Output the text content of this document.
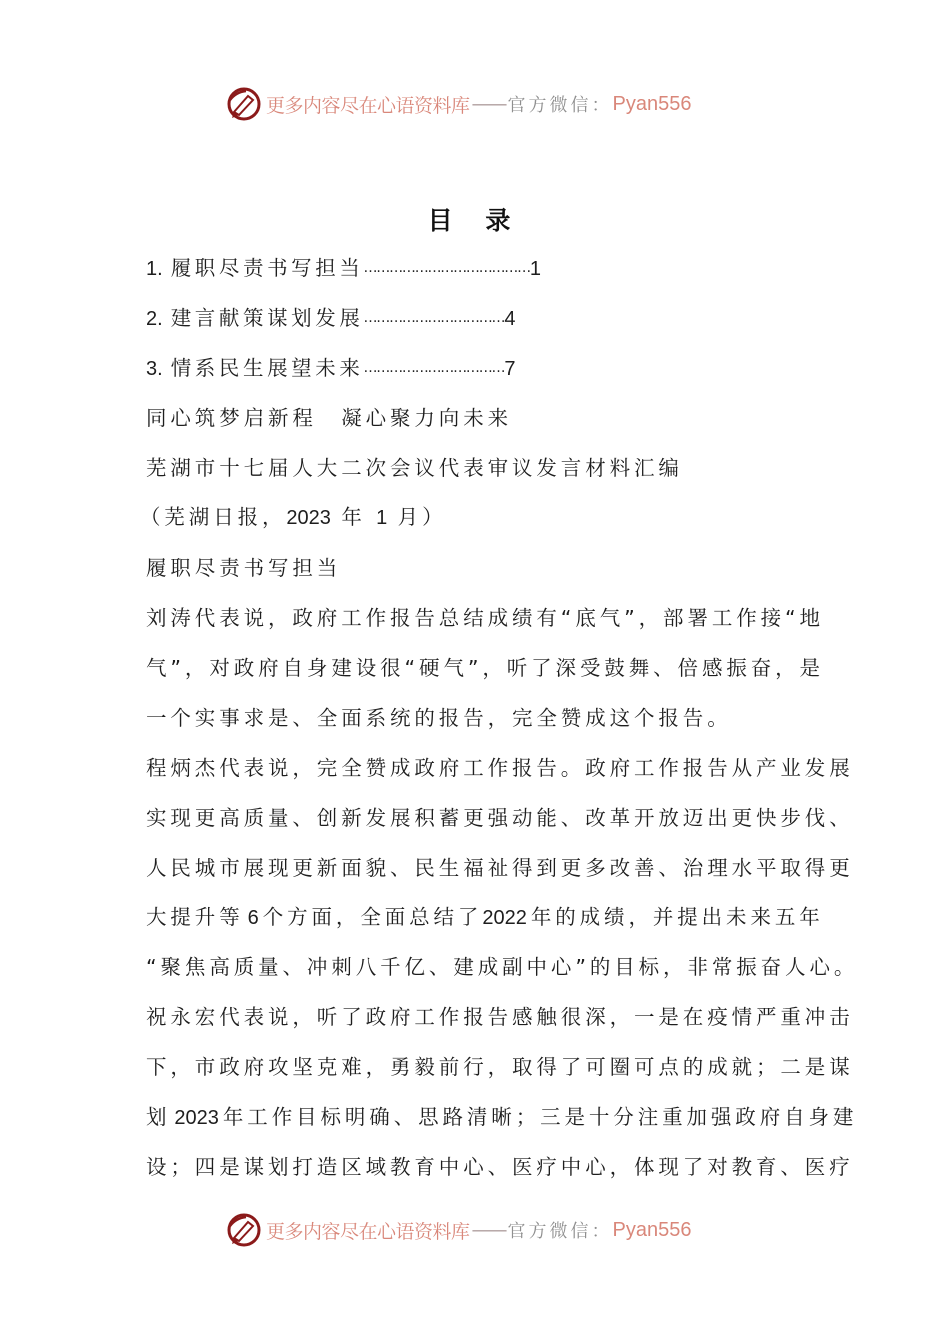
更多内容尽在心语资料库 —— 官方微信： Pyan556
目 录
1. 履职尽责书写担当…………………………………1
2. 建言献策谋划发展……………………………4
3. 情系民生展望未来……………………………7
同心筑梦启新程　凝心聚力向未来
芜湖市十七届人大二次会议代表审议发言材料汇编
（芜湖日报，2023 年 1 月）
履职尽责书写担当
刘涛代表说，政府工作报告总结成绩有“底气”，部署工作接“地
气”，对政府自身建设很“硬气”，听了深受鼓舞、倍感振奋，是
一个实事求是、全面系统的报告，完全赞成这个报告。
程炳杰代表说，完全赞成政府工作报告。政府工作报告从产业发展
实现更高质量、创新发展积蓄更强动能、改革开放迈出更快步伐、
人民城市展现更新面貌、民生福祉得到更多改善、治理水平取得更
大提升等 6 个方面，全面总结了2022 年的成绩，并提出未来五年
“聚焦高质量、冲刺八千亿、建成副中心”的目标，非常振奋人心。
祝永宏代表说，听了政府工作报告感触很深，一是在疫情严重冲击
下，市政府攻坚克难，勇毅前行，取得了可圈可点的成就；二是谋
划 2023 年工作目标明确、思路清晰；三是十分注重加强政府自身建
设；四是谋划打造区域教育中心、医疗中心，体现了对教育、医疗
更多内容尽在心语资料库 —— 官方微信： Pyan556
